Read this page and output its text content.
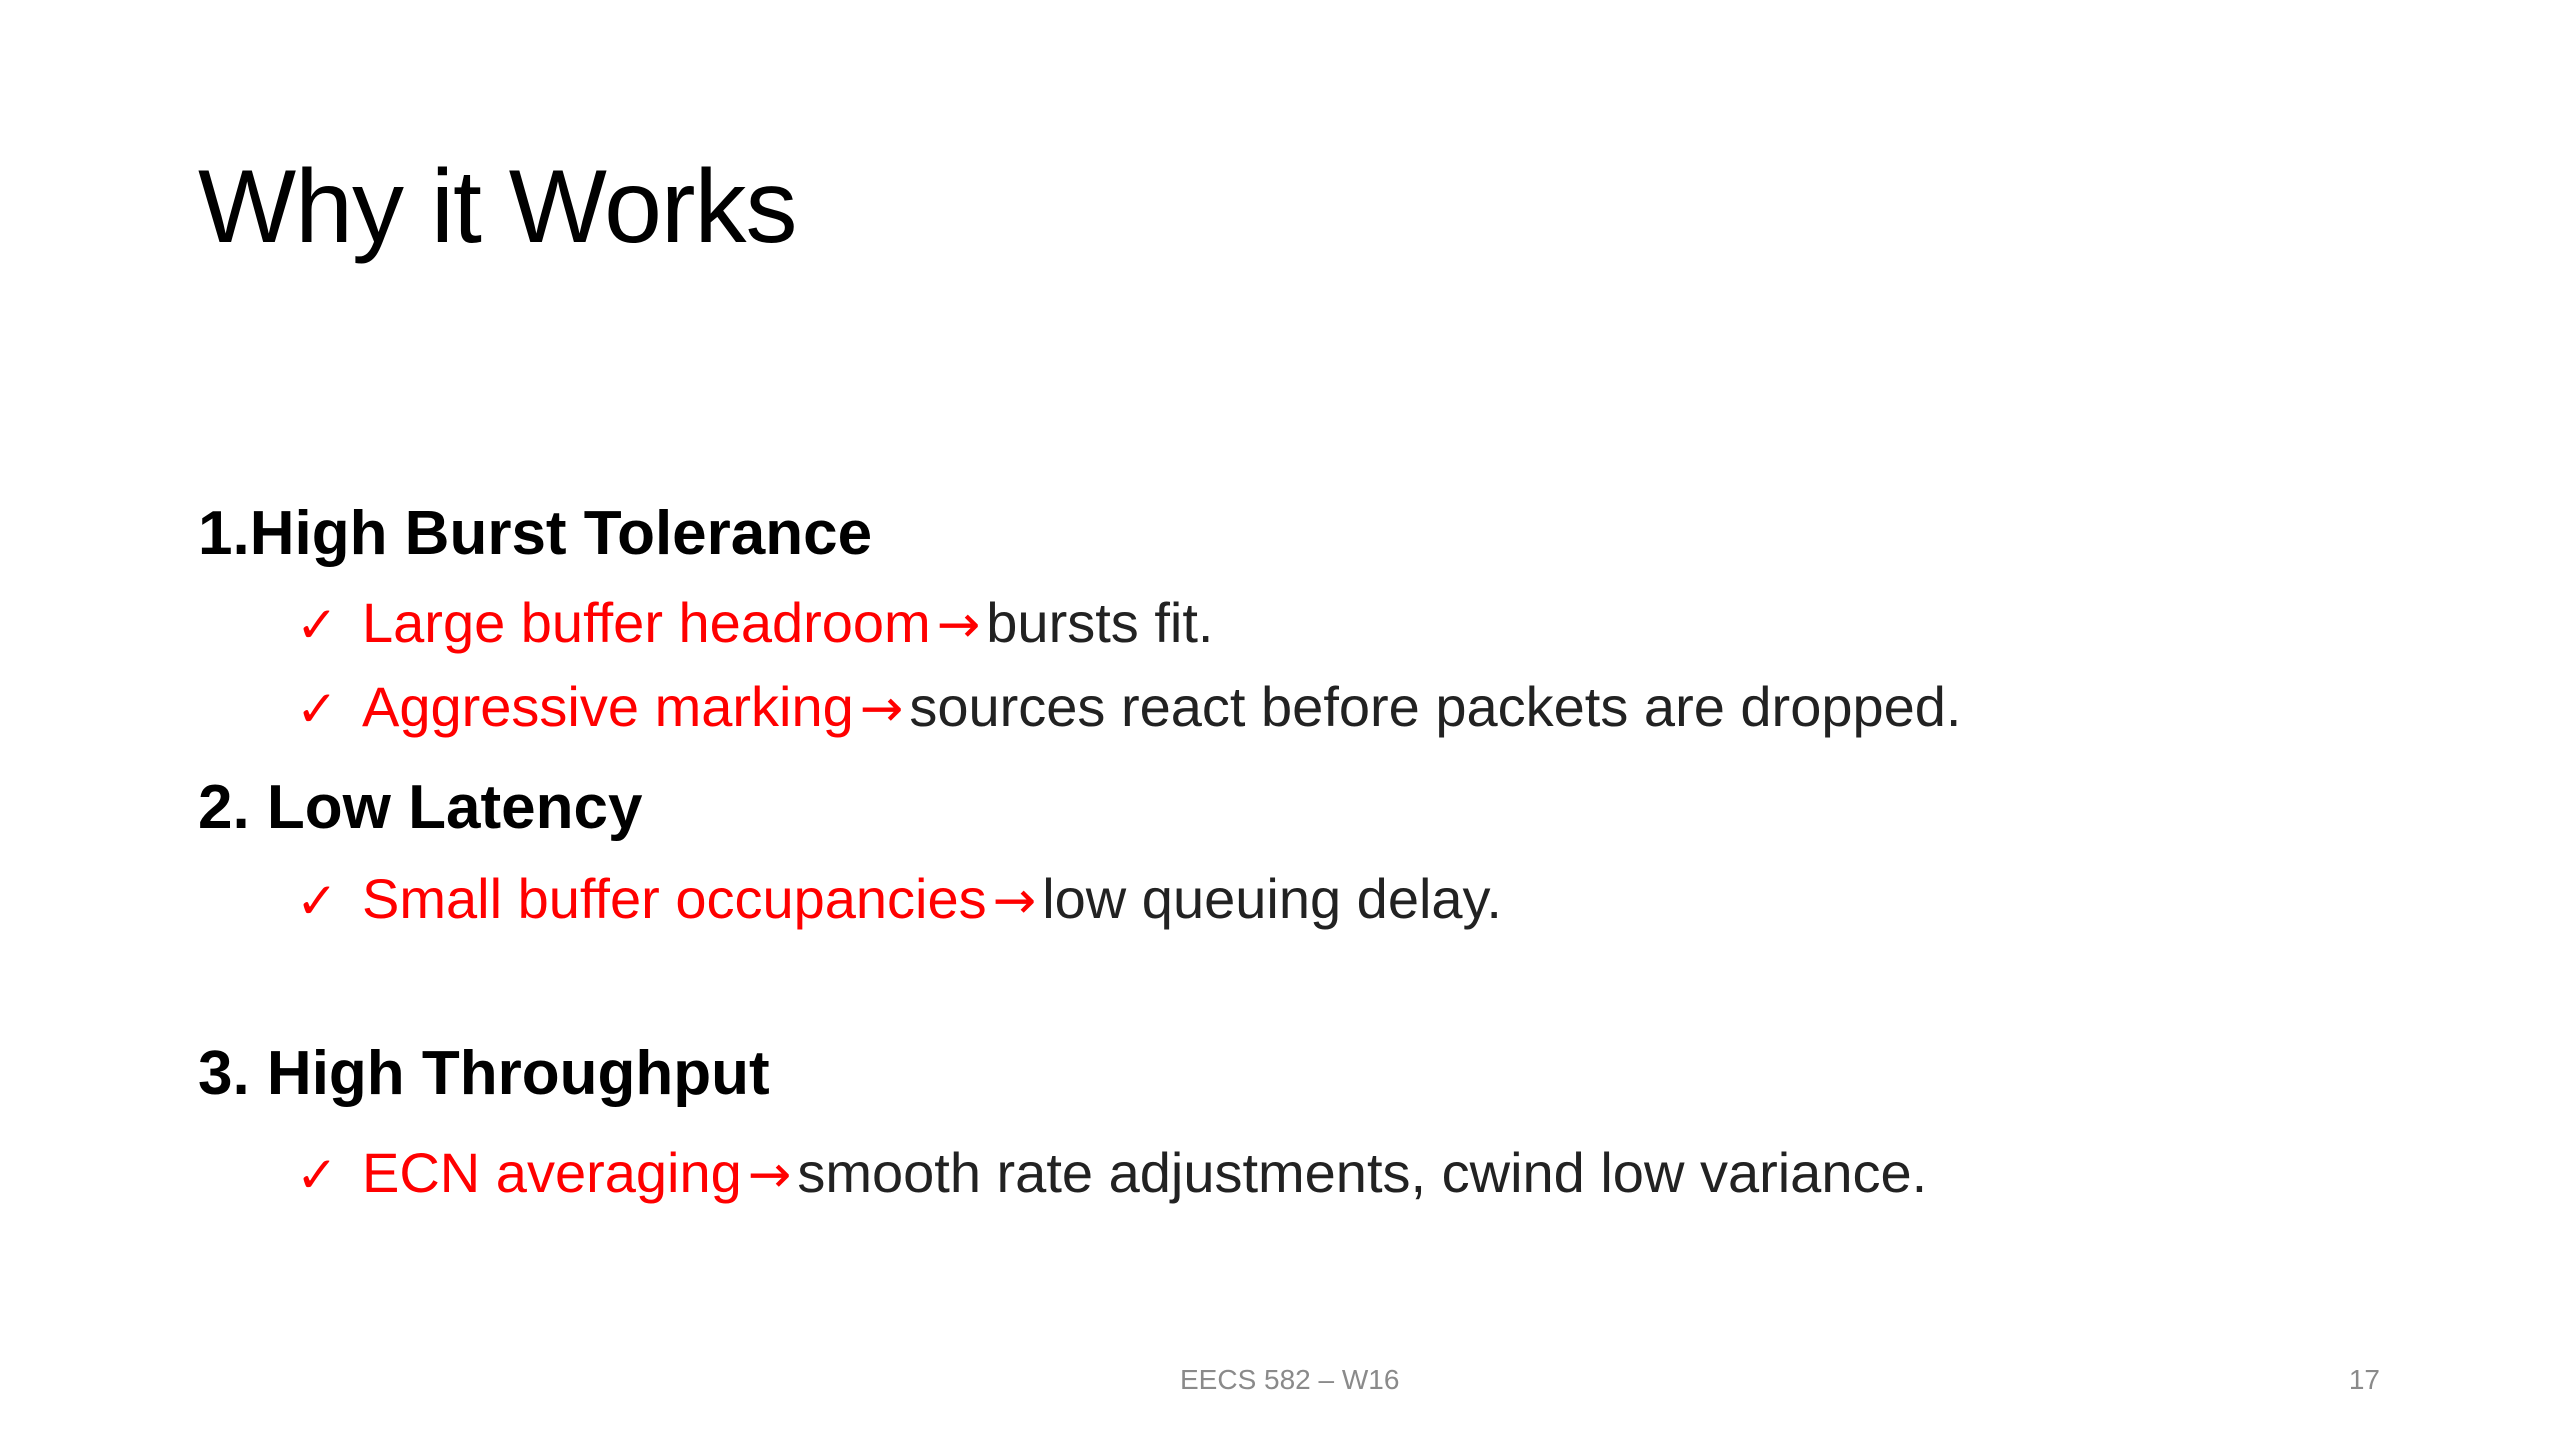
Why it Works
1.High Burst Tolerance

✓ Large buffer headroom → bursts fit.

✓ Aggressive marking → sources react before packets are dropped.

2. Low Latency

✓ Small buffer occupancies → low queuing delay.

3. High Throughput

✓ ECN averaging → smooth rate adjustments, cwind low variance.

EECS 582 – W16	17
